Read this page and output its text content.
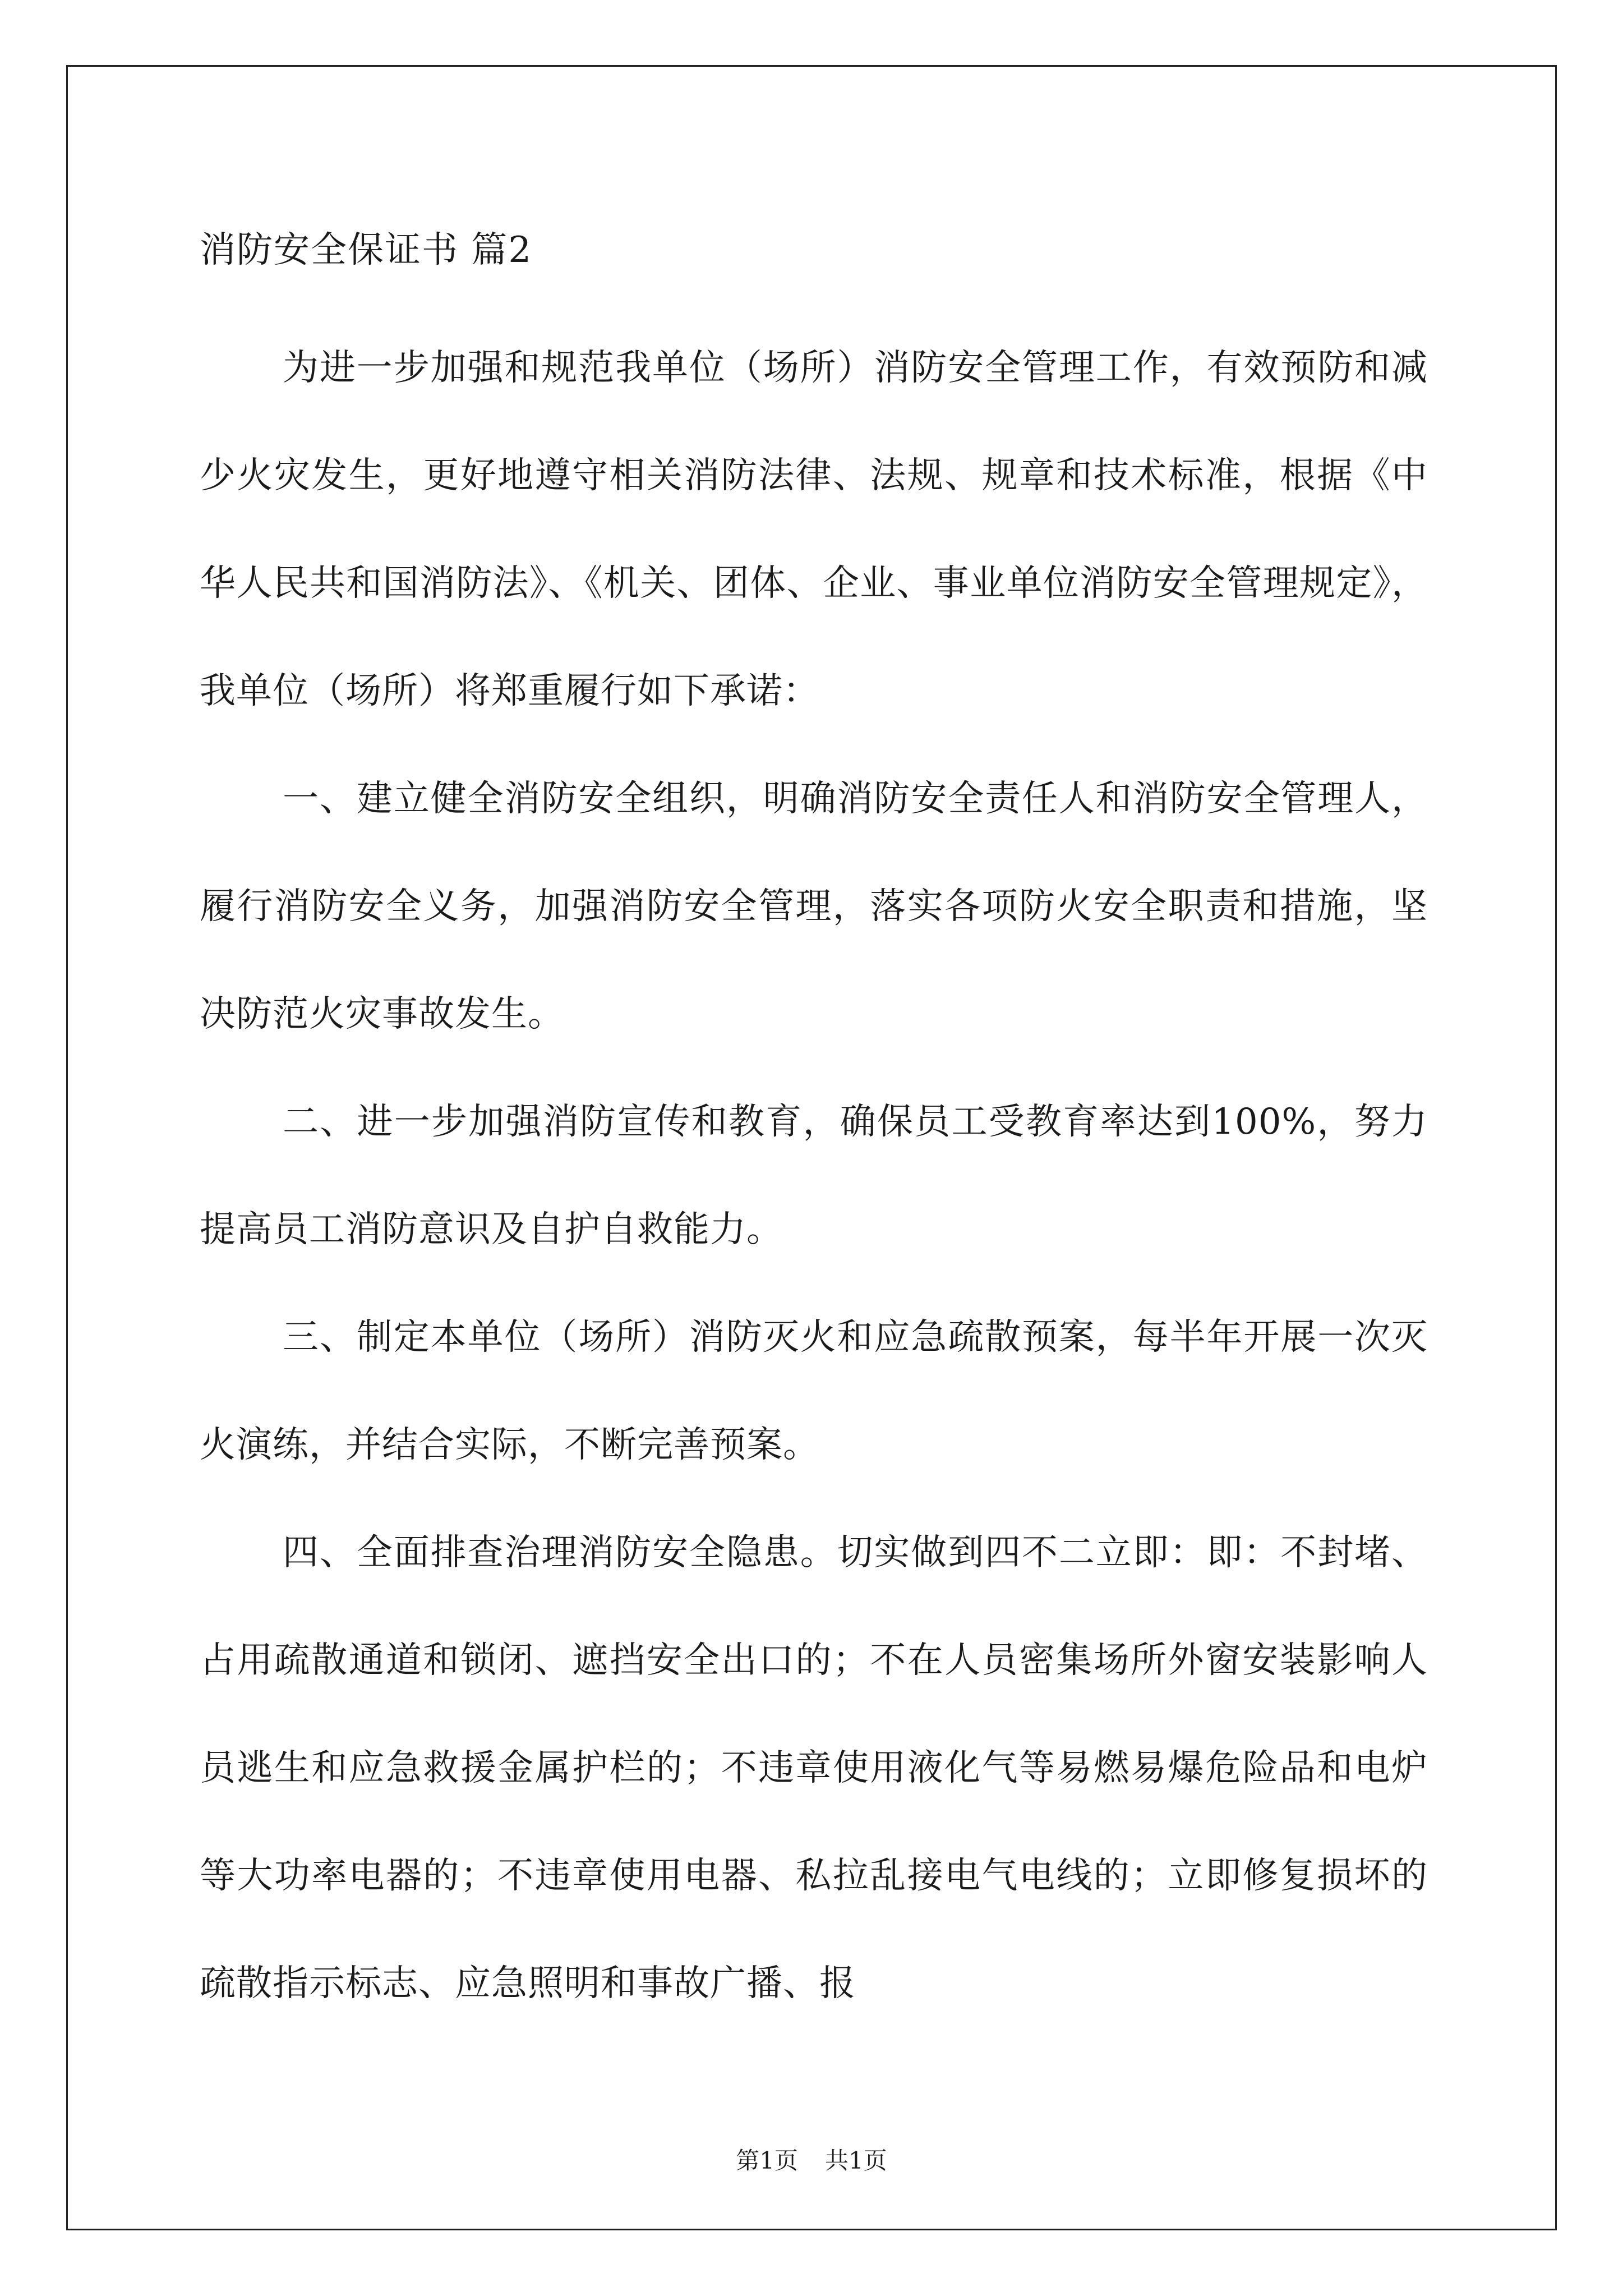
消防安全保证书 篇2

为进一步加强和规范我单位（场所）消防安全管理工作，有效预防和减少火灾发生，更好地遵守相关消防法律、法规、规章和技术标准，根据《中华人民共和国消防法》、《机关、团体、企业、事业单位消防安全管理规定》，我单位（场所）将郑重履行如下承诺：

一、建立健全消防安全组织，明确消防安全责任人和消防安全管理人，履行消防安全义务，加强消防安全管理，落实各项防火安全职责和措施，坚决防范火灾事故发生。

二、进一步加强消防宣传和教育，确保员工受教育率达到100%，努力提高员工消防意识及自护自救能力。

三、制定本单位（场所）消防灭火和应急疏散预案，每半年开展一次灭火演练，并结合实际，不断完善预案。

四、全面排查治理消防安全隐患。切实做到四不二立即：即：不封堵、占用疏散通道和锁闭、遮挡安全出口的；不在人员密集场所外窗安装影响人员逃生和应急救援金属护栏的；不违章使用液化气等易燃易爆危险品和电炉等大功率电器的；不违章使用电器、私拉乱接电气电线的；立即修复损坏的疏散指示标志、应急照明和事故广播、报

第1页 共1页
